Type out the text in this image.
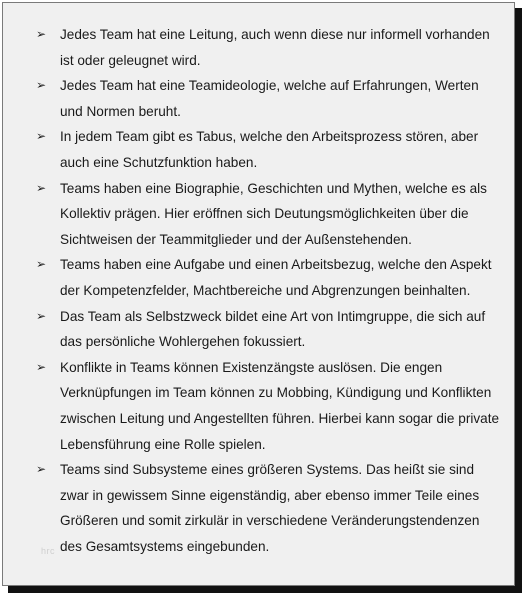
➢ Jedes Team hat eine Leitung, auch wenn diese nur informell vorhanden ist oder geleugnet wird.
➢ Jedes Team hat eine Teamideologie, welche auf Erfahrungen, Werten und Normen beruht.
➢ In jedem Team gibt es Tabus, welche den Arbeitsprozess stören, aber auch eine Schutzfunktion haben.
➢ Teams haben eine Biographie, Geschichten und Mythen, welche es als Kollektiv prägen. Hier eröffnen sich Deutungsmöglichkeiten über die Sichtweisen der Teammitglieder und der Außenstehenden.
➢ Teams haben eine Aufgabe und einen Arbeitsbezug, welche den Aspekt der Kompetenzfelder, Machtbereiche und Abgrenzungen beinhalten.
➢ Das Team als Selbstzweck bildet eine Art von Intimgruppe, die sich auf das persönliche Wohlergehen fokussiert.
➢ Konflikte in Teams können Existenzängste auslösen. Die engen Verknüpfungen im Team können zu Mobbing, Kündigung und Konflikten zwischen Leitung und Angestellten führen. Hierbei kann sogar die private Lebensführung eine Rolle spielen.
➢ Teams sind Subsysteme eines größeren Systems. Das heißt sie sind zwar in gewissem Sinne eigenständig, aber ebenso immer Teile eines Größeren und somit zirkulär in verschiedene Veränderungstendenzen des Gesamtsystems eingebunden.
hrc
